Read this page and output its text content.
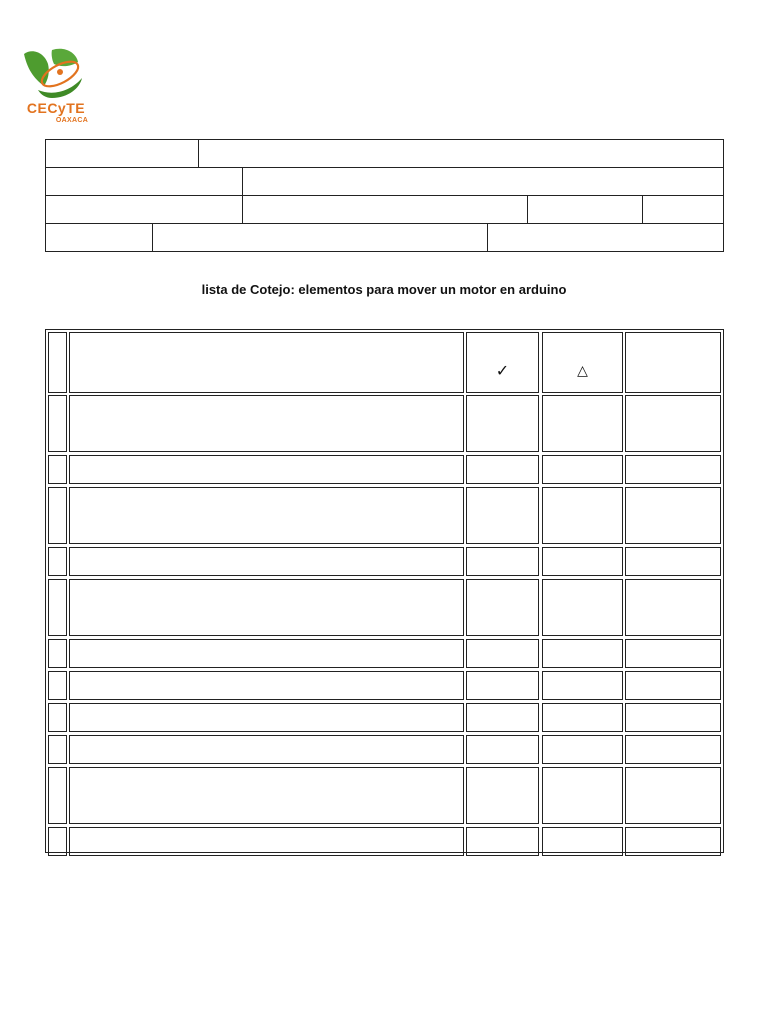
CECyTE
OAXACA
lista de Cotejo: elementos para mover un motor en arduino
✓	△
